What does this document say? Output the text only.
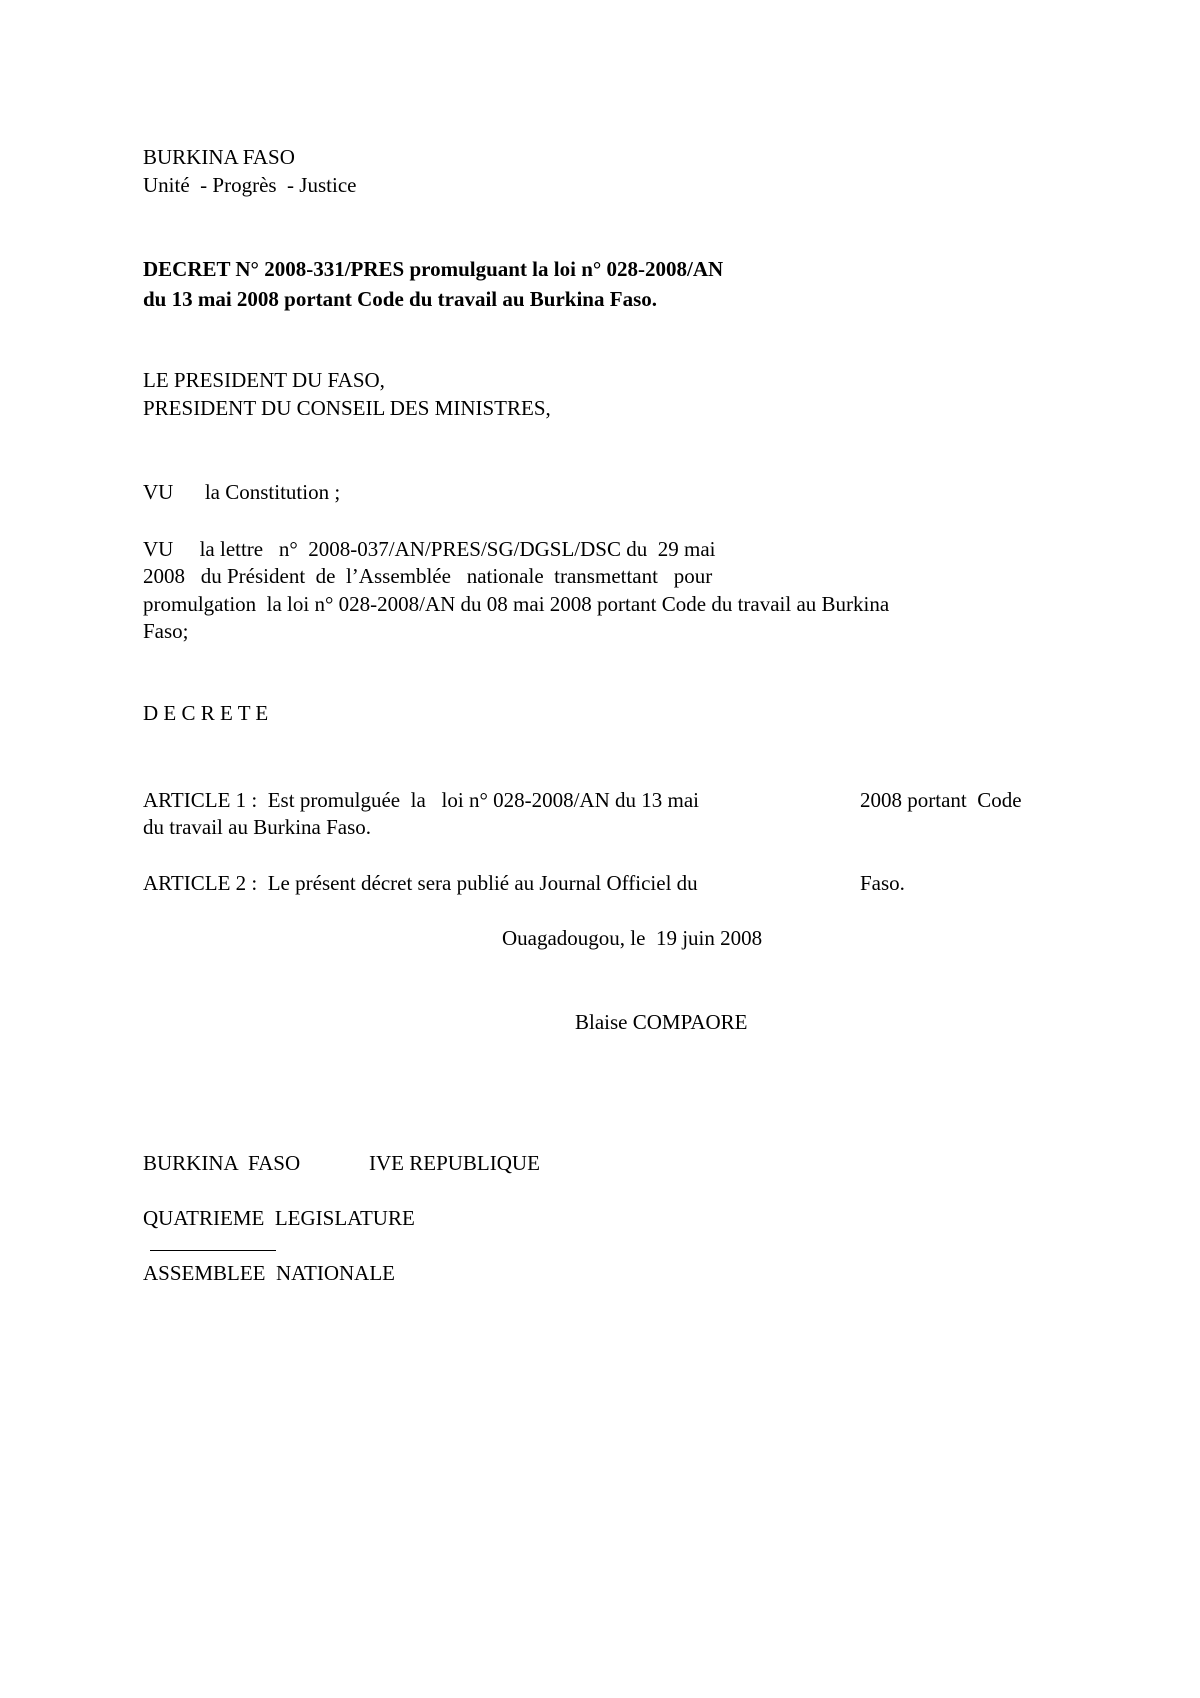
BURKINA FASO
Unité  - Progrès  - Justice
DECRET N° 2008-331/PRES promulguant la loi n° 028-2008/AN
du 13 mai 2008 portant Code du travail au Burkina Faso.
LE PRESIDENT DU FASO,
PRESIDENT DU CONSEIL DES MINISTRES,
VU      la Constitution ;
VU     la lettre   n°  2008-037/AN/PRES/SG/DGSL/DSC du  29 mai
2008   du Président  de  l’Assemblée   nationale  transmettant   pour
promulgation  la loi n° 028-2008/AN du 08 mai 2008 portant Code du travail au Burkina
Faso;
D E C R E T E
ARTICLE 1 :  Est promulguée  la   loi n° 028-2008/AN du 13 mai	2008 portant  Code
du travail au Burkina Faso.
ARTICLE 2 :  Le présent décret sera publié au Journal Officiel du	Faso.
Ouagadougou, le  19 juin 2008
Blaise COMPAORE
BURKINA  FASO	IVE REPUBLIQUE
QUATRIEME  LEGISLATURE
ASSEMBLEE  NATIONALE
